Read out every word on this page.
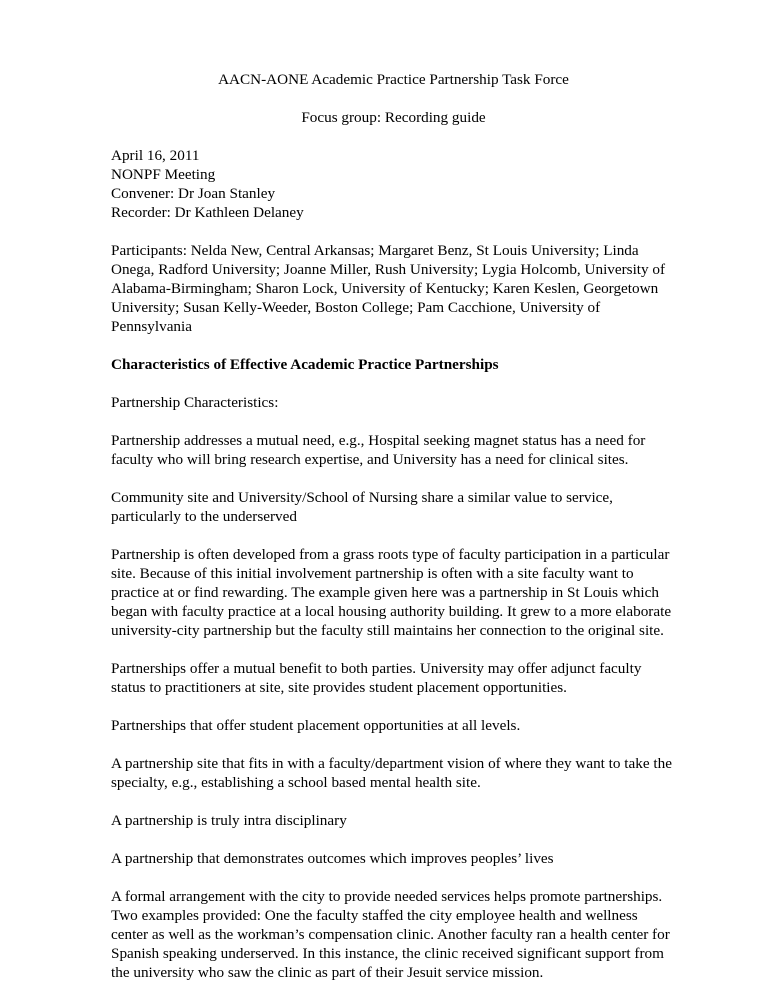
AACN-AONE Academic Practice Partnership Task Force

Focus group: Recording guide

April 16, 2011

NONPF Meeting

Convener: Dr Joan Stanley

Recorder: Dr Kathleen Delaney

Participants: Nelda New, Central Arkansas; Margaret Benz, St Louis University; Linda Onega, Radford University; Joanne Miller, Rush University; Lygia Holcomb, University of Alabama-Birmingham; Sharon Lock, University of Kentucky; Karen Keslen, Georgetown University; Susan Kelly-Weeder, Boston College; Pam Cacchione, University of Pennsylvania

Characteristics of Effective Academic Practice Partnerships

Partnership Characteristics:

Partnership addresses a mutual need, e.g., Hospital seeking magnet status has a need for faculty who will bring research expertise, and University has a need for clinical sites.

Community site and University/School of Nursing share a similar value to service, particularly to the underserved

Partnership is often developed from a grass roots type of faculty participation in a particular site. Because of this initial involvement partnership is often with a site faculty want to practice at or find rewarding. The example given here was a partnership in St Louis which began with faculty practice at a local housing authority building. It grew to a more elaborate university-city partnership but the faculty still maintains her connection to the original site.

Partnerships offer a mutual benefit to both parties. University may offer adjunct faculty status to practitioners at site, site provides student placement opportunities.

Partnerships that offer student placement opportunities at all levels.

A partnership site that fits in with a faculty/department vision of where they want to take the specialty, e.g., establishing a school based mental health site.

A partnership is truly intra disciplinary

A partnership that demonstrates outcomes which improves peoples’ lives

A formal arrangement with the city to provide needed services helps promote partnerships. Two examples provided: One the faculty staffed the city employee health and wellness center as well as the workman’s compensation clinic. Another faculty ran a health center for Spanish speaking underserved. In this instance, the clinic received significant support from the university who saw the clinic as part of their Jesuit service mission.
